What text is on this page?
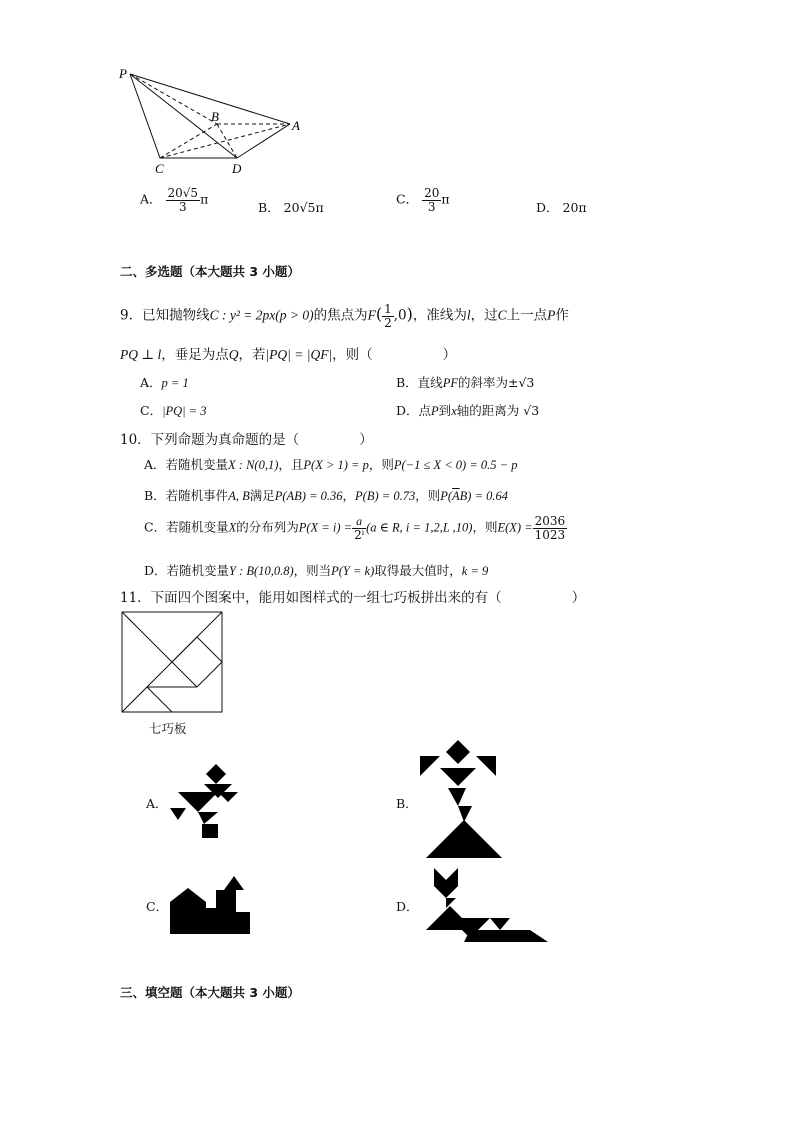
P
B
A
C	D
A． $\frac{20√5}{3}$ π
B． 20√5π
C． $\frac{20}{3}$ π
D． 20π
二、多选题（本大题共 3 小题）
9．已知抛物线C : y² = 2px(p > 0)的焦点为$F( \frac{1}{2} ,0)$，准线为l，过C上一点P作
PQ ⊥ l，垂足为点Q，若|PQ| = |QF|，则（	）
A．p = 1	B．直线PF的斜率为±√3
C．|PQ| = 3	D．点P到x轴的距离为 √3
10．下列命题为真命题的是（	）
A．若随机变量X : N(0,1)，且P(X > 1) = p，则P(−1 ≤ X < 0) = 0.5 − p
B．若随机事件A, B满足P(AB) = 0.36，P(B) = 0.73，则$P(\overline{A}B) = 0.64$
C．若随机变量X的分布列为$P(X = i) = \frac{a}{\text{2ⁱ}} (a$ ∈ R, i = 1,2,L ,10)，则$E(X) = \frac{2036}{1023}$
D．若随机变量Y : B(10,0.8)，则当P(Y = k)取得最大值时，k = 9
11．下面四个图案中，能用如图样式的一组七巧板拼出来的有（	）
七巧板
A．	B．
C．	D．
三、填空题（本大题共 3 小题）
